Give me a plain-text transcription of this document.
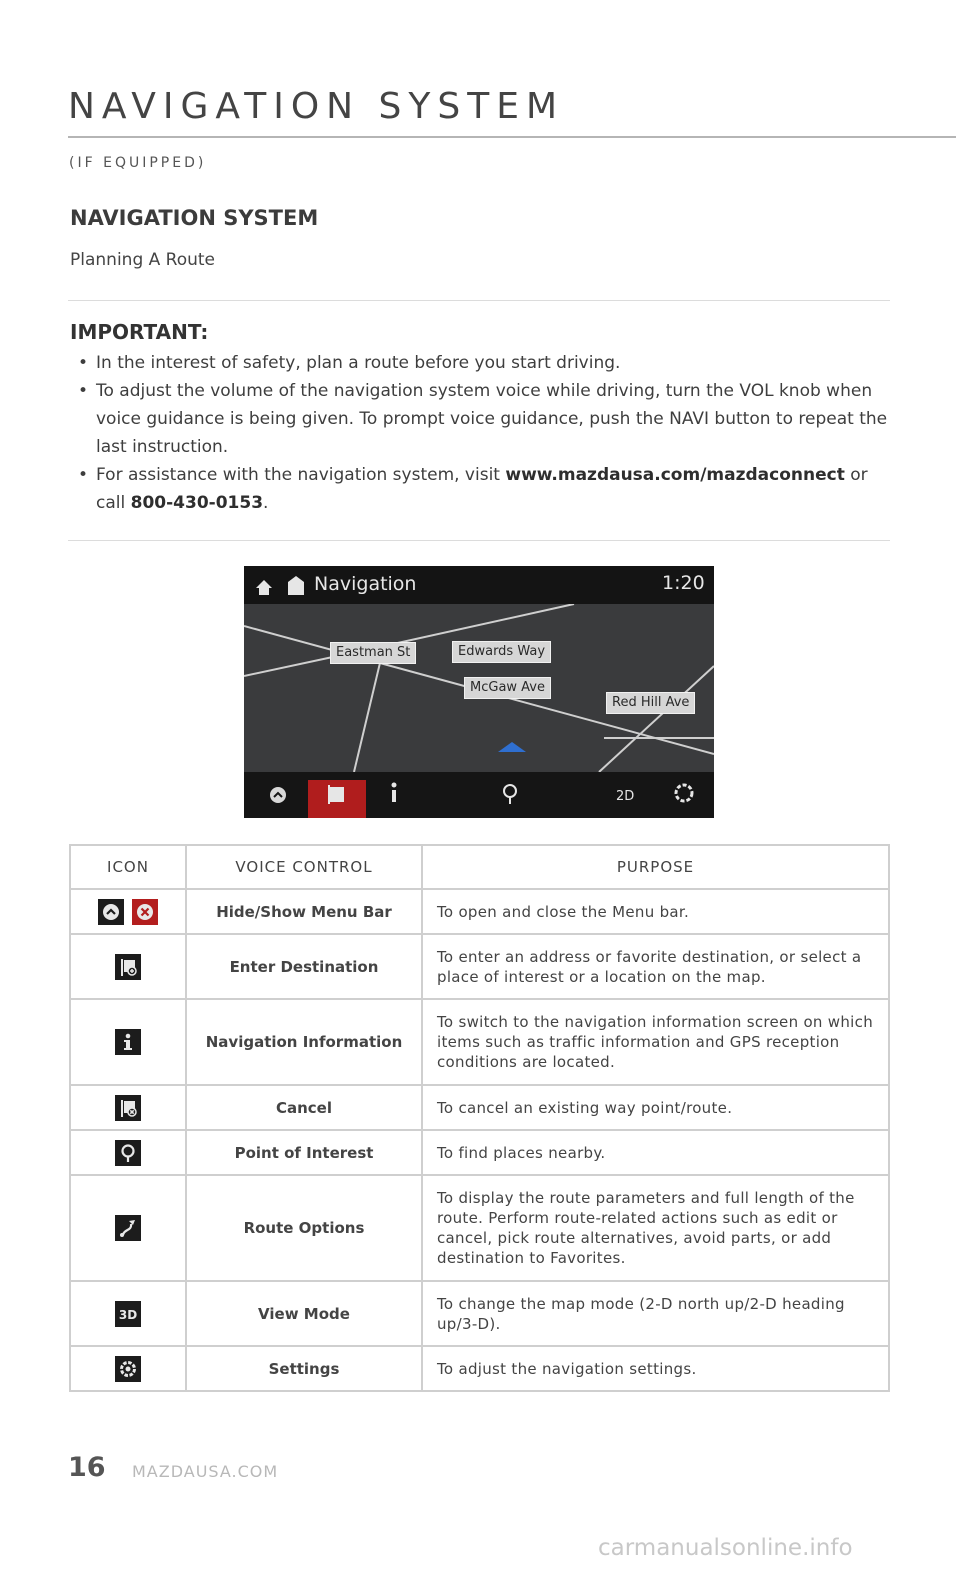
NAVIGATION SYSTEM
(IF EQUIPPED)
NAVIGATION SYSTEM
Planning A Route
IMPORTANT:
• In the interest of safety, plan a route before you start driving.
• To adjust the volume of the navigation system voice while driving, turn the VOL knob when voice guidance is being given. To prompt voice guidance, push the NAVI button to repeat the last instruction.
• For assistance with the navigation system, visit www.mazdausa.com/mazdaconnect or call 800-430-0153.
Navigation	1:20
Eastman St	Edwards Way
McGaw Ave
Red Hill Ave
2D
ICON	VOICE CONTROL	PURPOSE

	Hide/Show Menu Bar	To open and close the Menu bar.

	Enter Destination	To enter an address or favorite destination, or select a place of interest or a location on the map.

	Navigation Information	To switch to the navigation information screen on which items such as traffic information and GPS reception conditions are located.

	Cancel	To cancel an existing way point/route.

	Point of Interest	To find places nearby.

	Route Options	To display the route parameters and full length of the route. Perform route-related actions such as edit or cancel, pick route alternatives, avoid parts, or add destination to Favorites.

3D	View Mode	To change the map mode (2-D north up/2-D heading up/3-D).

	Settings	To adjust the navigation settings.
16 MAZDAUSA.COM
carmanualsonline.info
